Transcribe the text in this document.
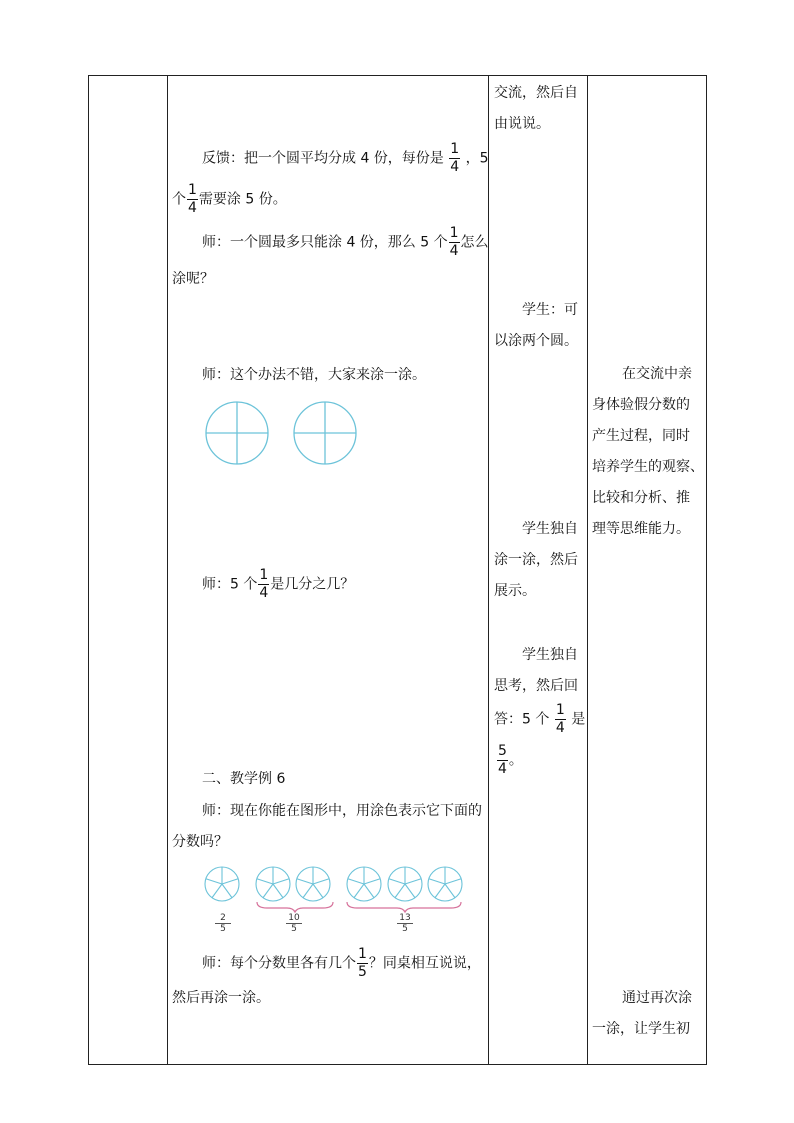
交流，然后自
由说说。
学生：可
以涂两个圆。
学生独自
涂一涂，然后
展示。
学生独自
思考，然后回
答：5 个 $\frac{1}{4}$ 是
$\frac{5}{4}$ 。
在交流中亲
身体验假分数的
产生过程，同时
培养学生的观察、
比较和分析、推
理等思维能力。
通过再次涂
一涂，让学生初
反馈：把一个圆平均分成 4 份，每份是 $\frac{1}{4}$ ，5
个 $\frac{1}{4}$ 需要涂 5 份。
师：一个圆最多只能涂 4 份，那么 5 个 $\frac{1}{4}$ 怎么
涂呢？
师：这个办法不错，大家来涂一涂。
师：5 个 $\frac{1}{4}$ 是几分之几？
二、教学例 6
师：现在你能在图形中，用涂色表示它下面的
分数吗？
2
5
10
5
13
5
师：每个分数里各有几个 $\frac{1}{5}$ ？同桌相互说说，
然后再涂一涂。
